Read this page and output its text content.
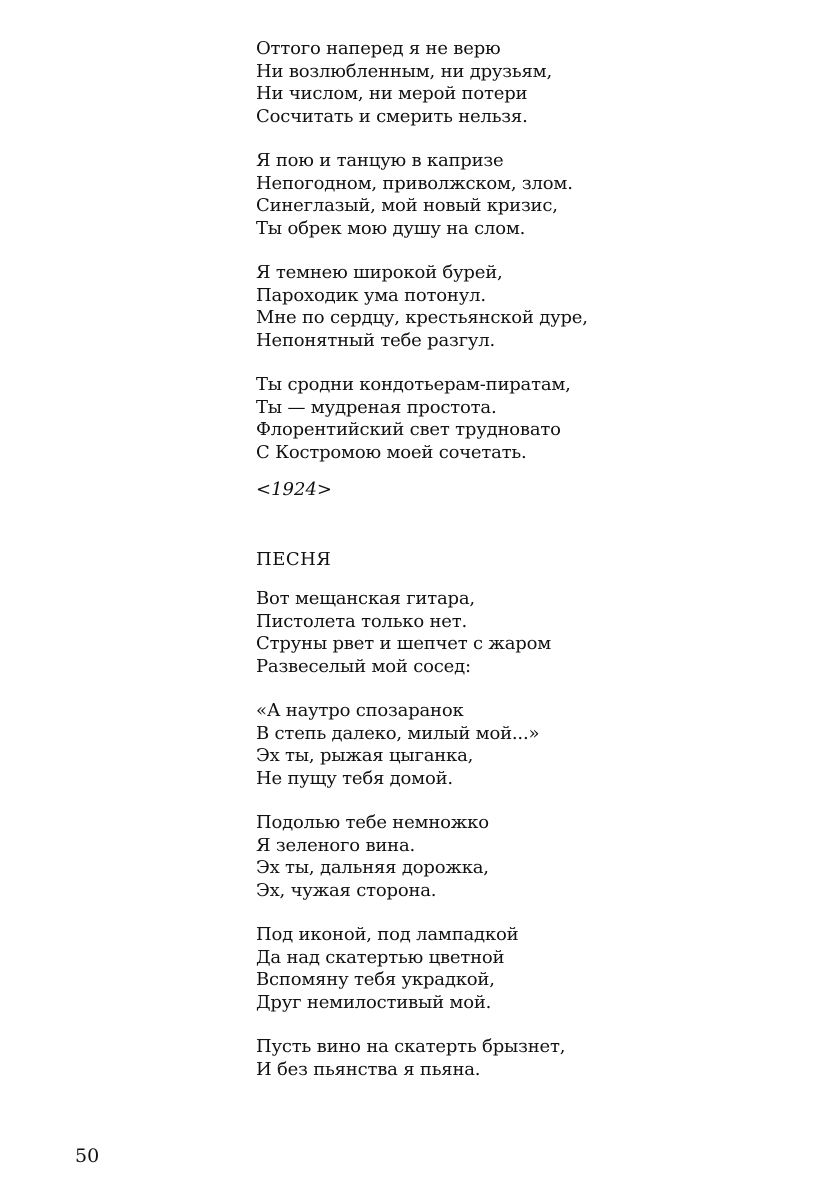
Оттого наперед я не верю
Ни возлюбленным, ни друзьям,
Ни числом, ни мерой потери
Сосчитать и смерить нельзя.
Я пою и танцую в капризе
Непогодном, приволжском, злом.
Синеглазый, мой новый кризис,
Ты обрек мою душу на слом.
Я темнею широкой бурей,
Пароходик ума потонул.
Мне по сердцу, крестьянской дуре,
Непонятный тебе разгул.
Ты сродни кондотьерам-пиратам,
Ты — мудреная простота.
Флорентийский свет трудновато
С Костромою моей сочетать.
<1924>
ПЕСНЯ
Вот мещанская гитара,
Пистолета только нет.
Струны рвет и шепчет с жаром
Развеселый мой сосед:
«А наутро спозаранок
В степь далеко, милый мой...»
Эх ты, рыжая цыганка,
Не пущу тебя домой.
Подолью тебе немножко
Я зеленого вина.
Эх ты, дальняя дорожка,
Эх, чужая сторона.
Под иконой, под лампадкой
Да над скатертью цветной
Вспомяну тебя украдкой,
Друг немилостивый мой.
Пусть вино на скатерть брызнет,
И без пьянства я пьяна.
50
